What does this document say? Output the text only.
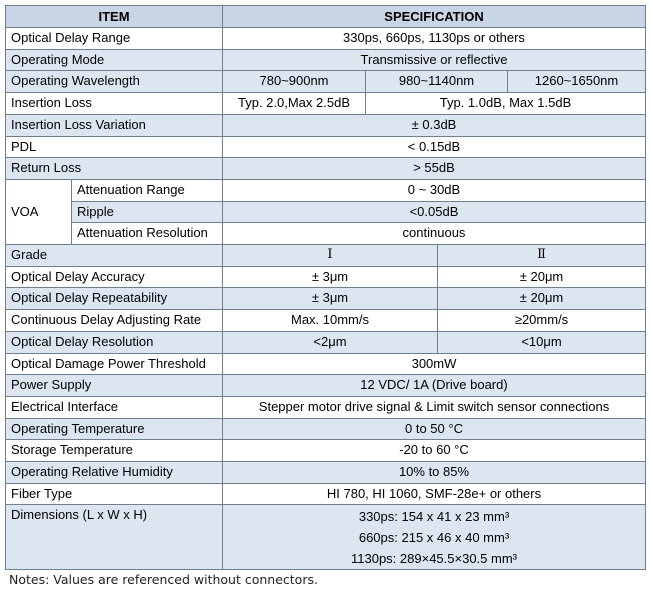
ITEM		SPECIFICATION			
Optical Delay Range		330ps, 660ps, 1130ps or others			
Operating Mode		Transmissive or reflective			
Operating Wavelength		780~900nm	980~1140nm		1260~1650nm
Insertion Loss		Typ. 2.0,Max 2.5dB	Typ. 1.0dB, Max 1.5dB		
Insertion Loss Variation		± 0.3dB			
PDL		< 0.15dB			
Return Loss		> 55dB			
VOA	Attenuation Range	0 ~ 30dB			
	Ripple	<0.05dB			
	Attenuation Resolution	continuous			
Grade		Ⅰ		Ⅱ	
Optical Delay Accuracy		± 3μm		± 20μm	
Optical Delay Repeatability		± 3μm		± 20μm	
Continuous Delay Adjusting Rate		Max. 10mm/s		≥20mm/s	
Optical Delay Resolution		<2μm		<10μm	
Optical Damage Power Threshold		300mW			
Power Supply		12 VDC/ 1A (Drive board)			
Electrical Interface		Stepper motor drive signal & Limit switch sensor connections			
Operating Temperature		0 to 50 °C			
Storage Temperature		-20 to 60 °C			
Operating Relative Humidity		10% to 85%			
Fiber Type		HI 780, HI 1060, SMF-28e+ or others			
Dimensions (L x W x H)		330ps: 154 x 41 x 23 mm³
660ps: 215 x 46 x 40 mm³
1130ps: 289×45.5×30.5 mm³			
Notes: Values are referenced without connectors.
